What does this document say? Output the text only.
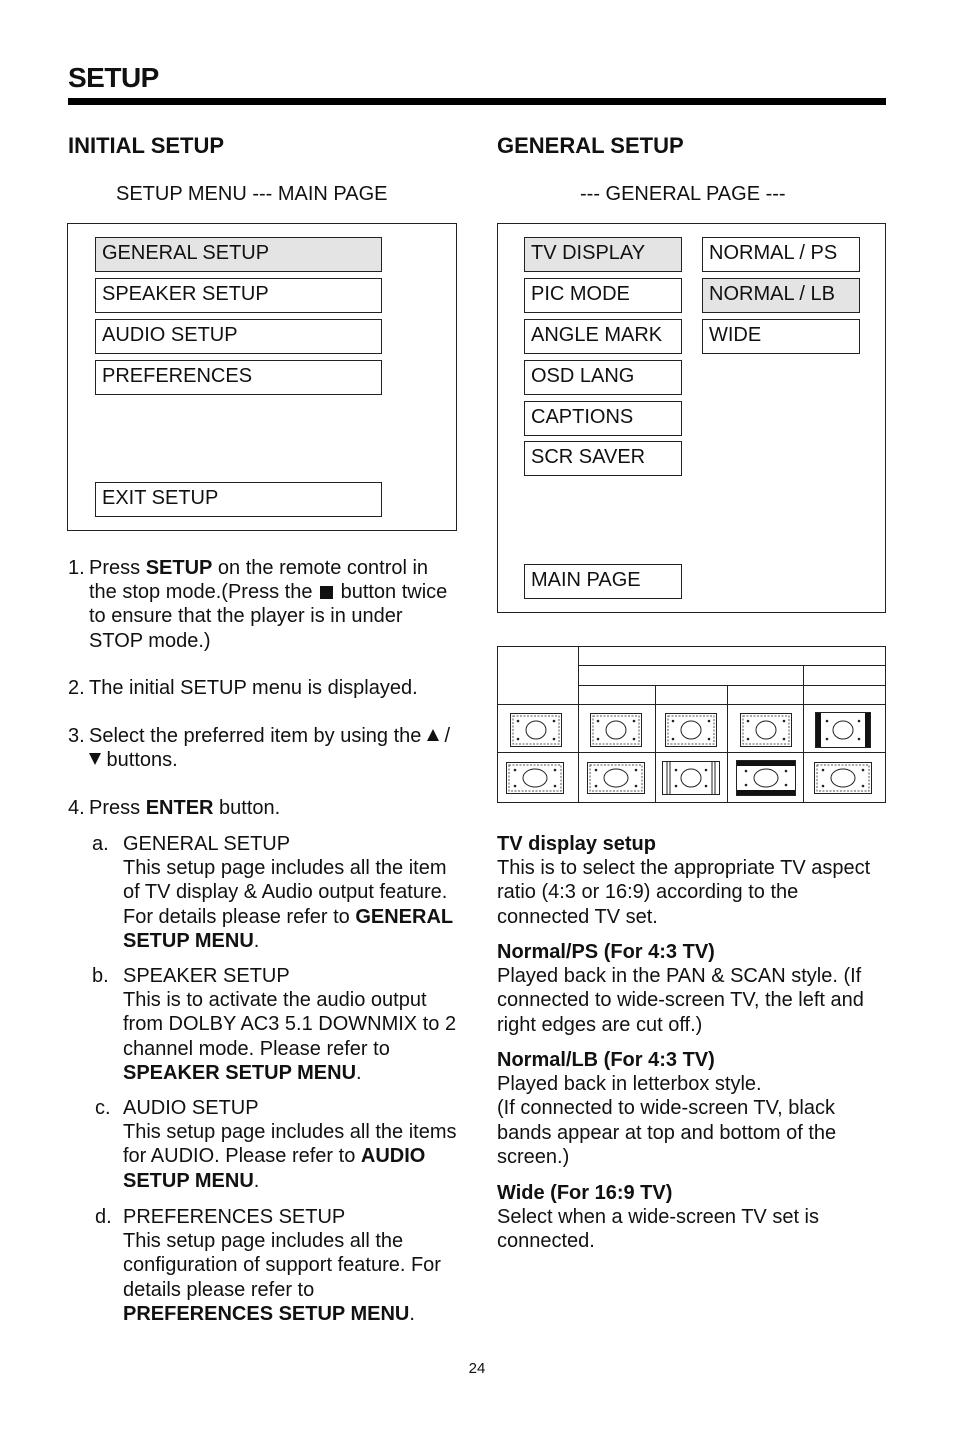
SETUP
INITIAL SETUP
SETUP MENU --- MAIN PAGE
GENERAL SETUP
SPEAKER SETUP
AUDIO SETUP
PREFERENCES
EXIT SETUP
1. Press SETUP on the remote control in the stop mode.(Press the  button twice to ensure that the player is in under STOP mode.)
2. The initial SETUP menu is displayed.
3. Select the preferred item by using the  /  buttons.
4. Press ENTER button.
a. GENERAL SETUP
This setup page includes all the item of TV display & Audio output feature. For details please refer to GENERAL SETUP MENU.
b. SPEAKER SETUP
This is to activate the audio output from DOLBY AC3 5.1 DOWNMIX to 2 channel mode. Please refer to SPEAKER SETUP MENU.
c. AUDIO SETUP
This setup page includes all the items for AUDIO. Please refer to AUDIO SETUP MENU.
d. PREFERENCES SETUP
This setup page includes all the configuration of support feature. For details please refer to PREFERENCES SETUP MENU.
GENERAL SETUP
--- GENERAL PAGE ---
TV DISPLAY
PIC MODE
ANGLE MARK
OSD LANG
CAPTIONS
SCR SAVER
NORMAL / PS
NORMAL / LB
WIDE
MAIN PAGE
TV display setup
This is to select the appropriate TV aspect ratio (4:3 or 16:9) according to the connected TV set.
Normal/PS (For 4:3 TV)
Played back in the PAN & SCAN style. (If connected to wide-screen TV, the left and right edges are cut off.)
Normal/LB (For 4:3 TV)
Played back in letterbox style.
(If connected to wide-screen TV, black bands appear at top and bottom of the screen.)
Wide (For 16:9 TV)
Select when a wide-screen TV set is connected.
24
